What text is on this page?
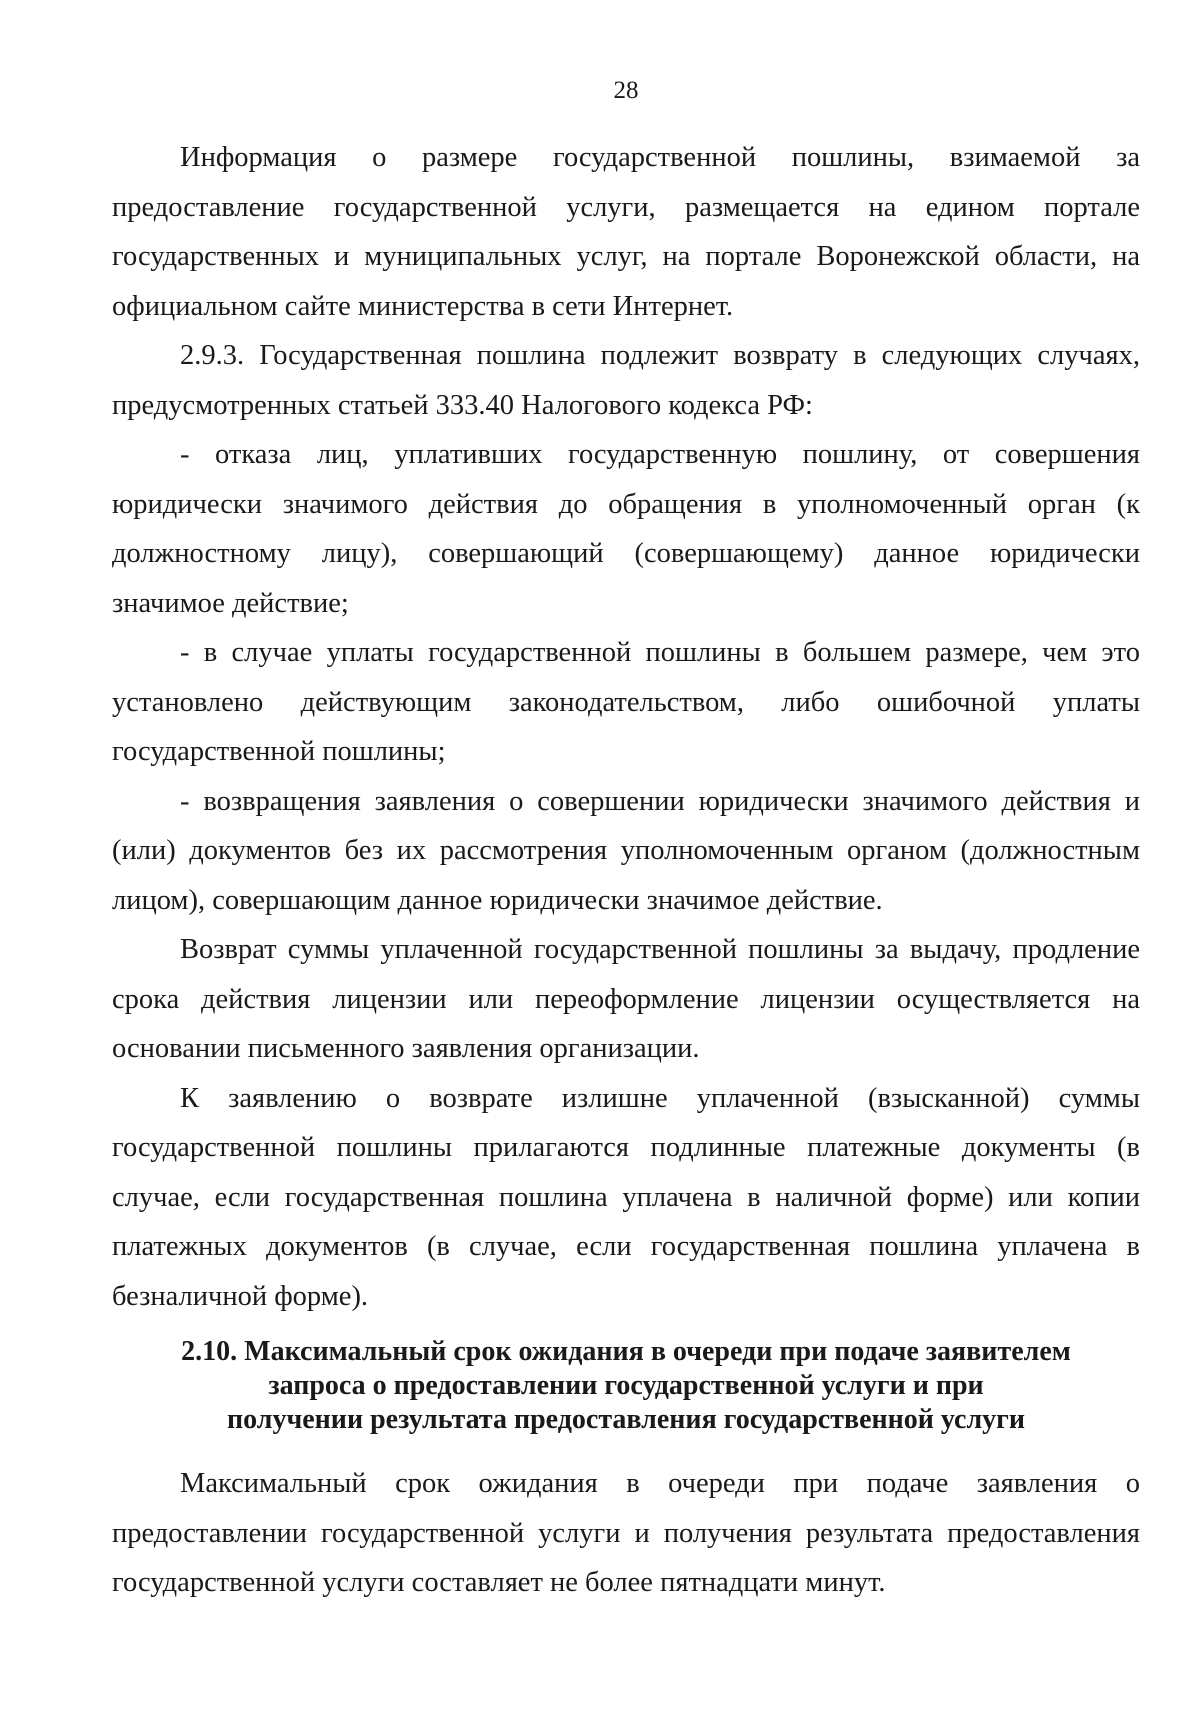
28

Информация о размере государственной пошлины, взимаемой за предоставление государственной услуги, размещается на едином портале государственных и муниципальных услуг, на портале Воронежской области, на официальном сайте министерства в сети Интернет.

2.9.3. Государственная пошлина подлежит возврату в следующих случаях, предусмотренных статьей 333.40 Налогового кодекса РФ:

- отказа лиц, уплативших государственную пошлину, от совершения юридически значимого действия до обращения в уполномоченный орган (к должностному лицу), совершающий (совершающему) данное юридически значимое действие;

- в случае уплаты государственной пошлины в большем размере, чем это установлено действующим законодательством, либо ошибочной уплаты государственной пошлины;

- возвращения заявления о совершении юридически значимого действия и (или) документов без их рассмотрения уполномоченным органом (должностным лицом), совершающим данное юридически значимое действие.

Возврат суммы уплаченной государственной пошлины за выдачу, продление срока действия лицензии или переоформление лицензии осуществляется на основании письменного заявления организации.

К заявлению о возврате излишне уплаченной (взысканной) суммы государственной пошлины прилагаются подлинные платежные документы (в случае, если государственная пошлина уплачена в наличной форме) или копии платежных документов (в случае, если государственная пошлина уплачена в безналичной форме).

2.10. Максимальный срок ожидания в очереди при подаче заявителем
запроса о предоставлении государственной услуги и при
получении результата предоставления государственной услуги

Максимальный срок ожидания в очереди при подаче заявления о предоставлении государственной услуги и получения результата предоставления государственной услуги составляет не более пятнадцати минут.
